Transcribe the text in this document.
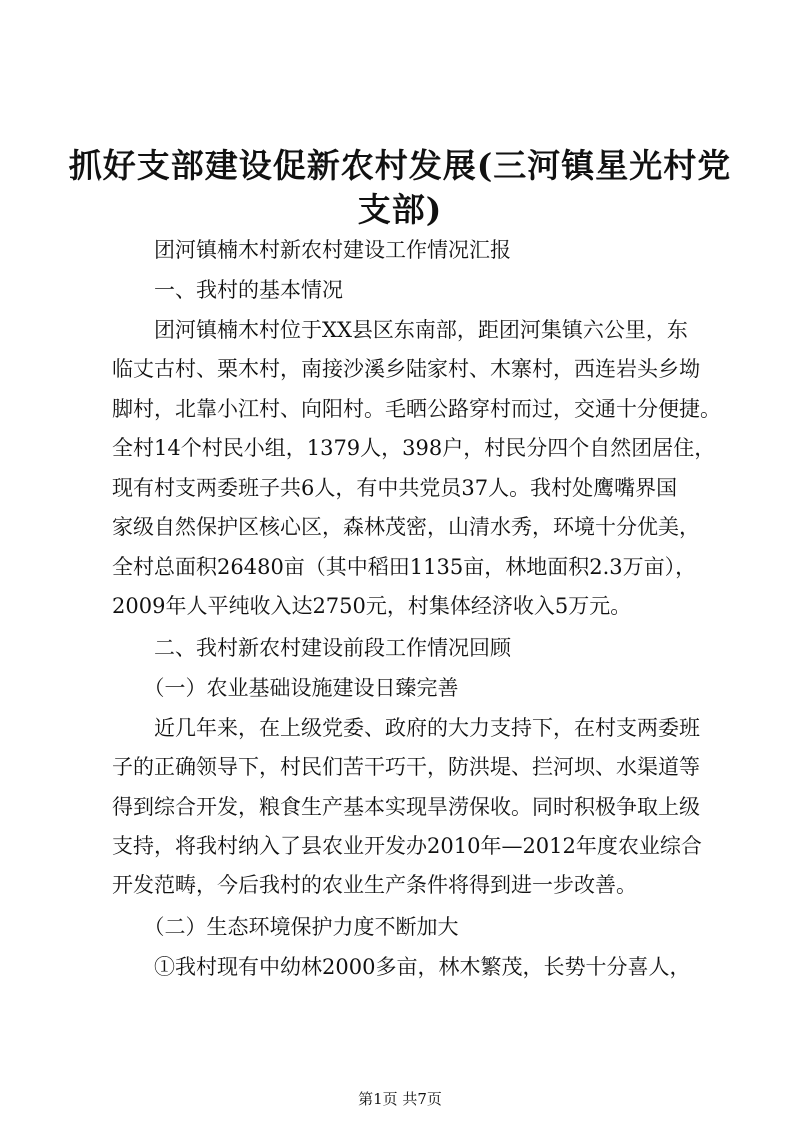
抓好支部建设促新农村发展(三河镇星光村党
支部)

　　团河镇楠木村新农村建设工作情况汇报

　　一、我村的基本情况

　　团河镇楠木村位于XX县区东南部，距团河集镇六公里，东

临丈古村、栗木村，南接沙溪乡陆家村、木寨村，西连岩头乡坳

脚村，北靠小江村、向阳村。毛晒公路穿村而过，交通十分便捷。

全村14个村民小组，1379人，398户，村民分四个自然团居住，

现有村支两委班子共6人，有中共党员37人。我村处鹰嘴界国

家级自然保护区核心区，森林茂密，山清水秀，环境十分优美，

全村总面积26480亩（其中稻田1135亩，林地面积2.3万亩），

2009年人平纯收入达2750元，村集体经济收入5万元。

　　二、我村新农村建设前段工作情况回顾

　　（一）农业基础设施建设日臻完善

　　近几年来，在上级党委、政府的大力支持下，在村支两委班

子的正确领导下，村民们苦干巧干，防洪堤、拦河坝、水渠道等

得到综合开发，粮食生产基本实现旱涝保收。同时积极争取上级

支持，将我村纳入了县农业开发办2010年—2012年度农业综合

开发范畴，今后我村的农业生产条件将得到进一步改善。

　　（二）生态环境保护力度不断加大

　　①我村现有中幼林2000多亩，林木繁茂，长势十分喜人，

第1页 共7页
